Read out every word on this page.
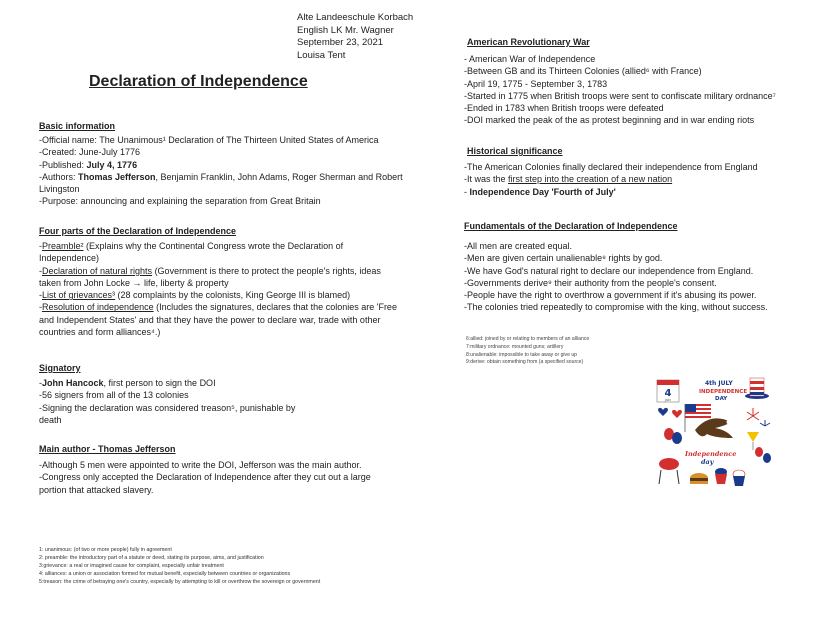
Alte Landeeschule Korbach
English LK Mr. Wagner
September 23, 2021
Louisa Tent
Declaration of Independence
Basic information
-Official name: The Unanimous¹ Declaration of The Thirteen United States of America
-Created: June-July 1776
-Published: July 4, 1776
-Authors: Thomas Jefferson, Benjamin Franklin, John Adams, Roger Sherman and Robert
Livingston
-Purpose: announcing and explaining the separation from Great Britain
Four parts of the Declaration of Independence
-Preamble² (Explains why the Continental Congress wrote the Declaration of
Independence)
-Declaration of natural rights (Government is there to protect the people's rights, ideas
taken from John Locke → life, liberty & property
-List of grievances³ (28 complaints by the colonists, King George III is blamed)
-Resolution of independence (Includes the signatures, declares that the colonies are 'Free
and Independent States' and that they have the power to declare war, trade with other
countries and form alliances⁴.)
Signatory
-John Hancock, first person to sign the DOI
-56 signers from all of the 13 colonies
-Signing the declaration was considered treason⁵, punishable by
death
Main author - Thomas Jefferson
-Although 5 men were appointed to write the DOI, Jefferson was the main author.
-Congress only accepted the Declaration of Independence after they cut out a large
portion that attacked slavery.
1: unanimous: (of two or more people) fully in agreement
2: preamble: the introductory part of a statute or deed, stating its purpose, aims, and justification
3:grievance: a real or imagined cause for complaint, especially unfair treatment
4: alliances: a union or association formed for mutual benefit, especially between countries or organizations
5:treason: the crime of betraying one's country, especially by attempting to kill or overthrow the sovereign or government
American Revolutionary War
- American War of Independence
-Between GB and its Thirteen Colonies (allied⁶ with France)
-April 19, 1775 - September 3, 1783
-Started in 1775 when British troops were sent to confiscate military ordnance⁷
-Ended in 1783 when British troops were defeated
-DOI marked the peak of the as protest beginning and in war ending riots
Historical significance
-The American Colonies finally declared their independence from England
-It was the first step into the creation of a new nation
- Independence Day 'Fourth of July'
Fundamentals of the Declaration of Independence
-All men are created equal.
-Men are given certain unalienable⁸ rights by god.
-We have God's natural right to declare our independence from England.
-Governments derive⁹ their authority from the people's consent.
-People have the right to overthrow a government if it's abusing its power.
-The colonies tried repeatedly to compromise with the king, without success.
6:allied: joined by or relating to members of an alliance
7:military ordnance: mounted guns; artillery
8:unalienable: impossible to take away or give up
9:derive: obtain something from (a specified source)
4
JULY
4th JULY
INDEPENDENCE
DAY
Independence
day
